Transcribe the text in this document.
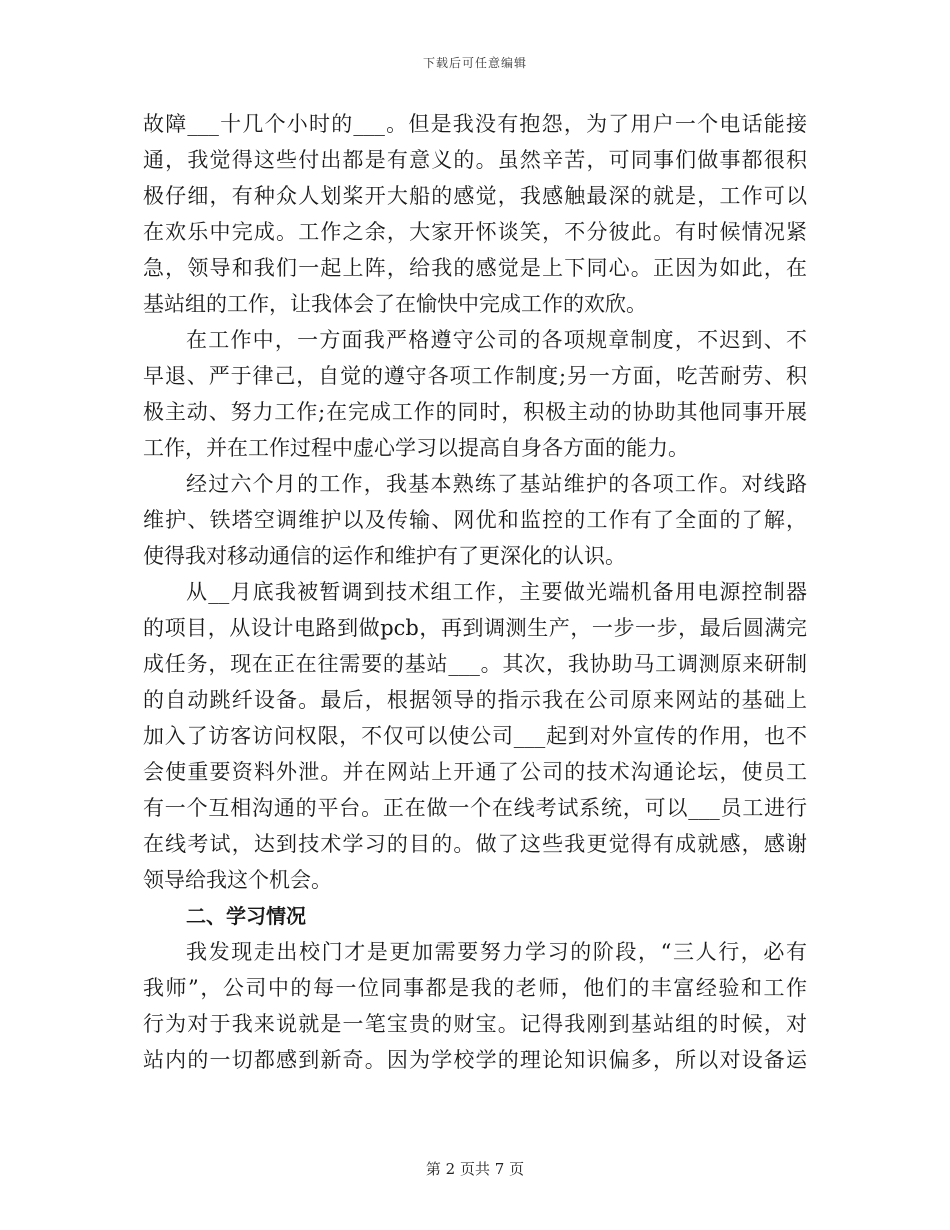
下载后可任意编辑
故障___十几个小时的___。但是我没有抱怨，为了用户一个电话能接
通，我觉得这些付出都是有意义的。虽然辛苦，可同事们做事都很积
极仔细，有种众人划桨开大船的感觉，我感触最深的就是，工作可以
在欢乐中完成。工作之余，大家开怀谈笑，不分彼此。有时候情况紧
急，领导和我们一起上阵，给我的感觉是上下同心。正因为如此，在
基站组的工作，让我体会了在愉快中完成工作的欢欣。
在工作中，一方面我严格遵守公司的各项规章制度，不迟到、不
早退、严于律己，自觉的遵守各项工作制度;另一方面，吃苦耐劳、积
极主动、努力工作;在完成工作的同时，积极主动的协助其他同事开展
工作，并在工作过程中虚心学习以提高自身各方面的能力。
经过六个月的工作，我基本熟练了基站维护的各项工作。对线路
维护、铁塔空调维护以及传输、网优和监控的工作有了全面的了解，
使得我对移动通信的运作和维护有了更深化的认识。
从__月底我被暂调到技术组工作，主要做光端机备用电源控制器
的项目，从设计电路到做pcb，再到调测生产，一步一步，最后圆满完
成任务，现在正在往需要的基站___。其次，我协助马工调测原来研制
的自动跳纤设备。最后，根据领导的指示我在公司原来网站的基础上
加入了访客访问权限，不仅可以使公司___起到对外宣传的作用，也不
会使重要资料外泄。并在网站上开通了公司的技术沟通论坛，使员工
有一个互相沟通的平台。正在做一个在线考试系统，可以___员工进行
在线考试，达到技术学习的目的。做了这些我更觉得有成就感，感谢
领导给我这个机会。
二、学习情况
我发现走出校门才是更加需要努力学习的阶段，“三人行，必有
我师”，公司中的每一位同事都是我的老师，他们的丰富经验和工作
行为对于我来说就是一笔宝贵的财宝。记得我刚到基站组的时候，对
站内的一切都感到新奇。因为学校学的理论知识偏多，所以对设备运
第 2 页共 7 页
